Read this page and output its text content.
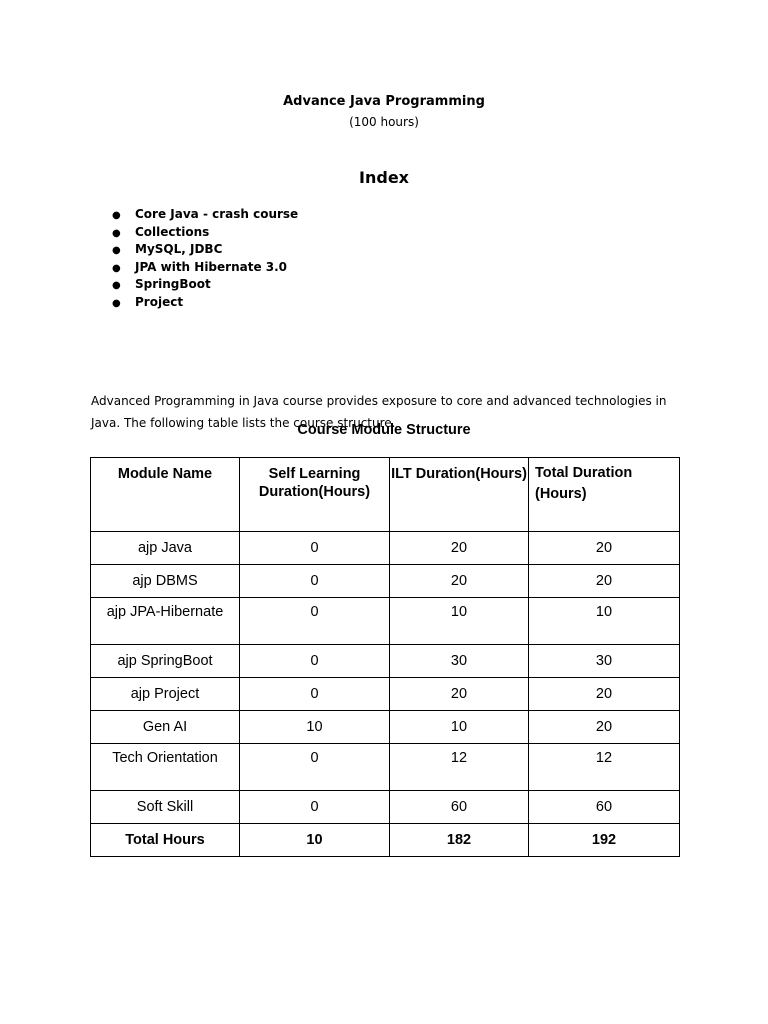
Advance Java Programming
(100 hours)
Index
● Core Java - crash course
● Collections
● MySQL, JDBC
● JPA with Hibernate 3.0
● SpringBoot
● Project

Advanced Programming in Java course provides exposure to core and advanced technologies in Java. The following table lists the course structure.

Course Module Structure
Module Name	Self Learning Duration(Hours)	ILT Duration(Hours)	Total Duration (Hours)
ajp Java	0	20	20
ajp DBMS	0	20	20
ajp JPA-Hibernate	0	10	10
ajp SpringBoot	0	30	30
ajp Project	0	20	20
Gen AI	10	10	20
Tech Orientation	0	12	12
Soft Skill	0	60	60
Total Hours	10	182	192
